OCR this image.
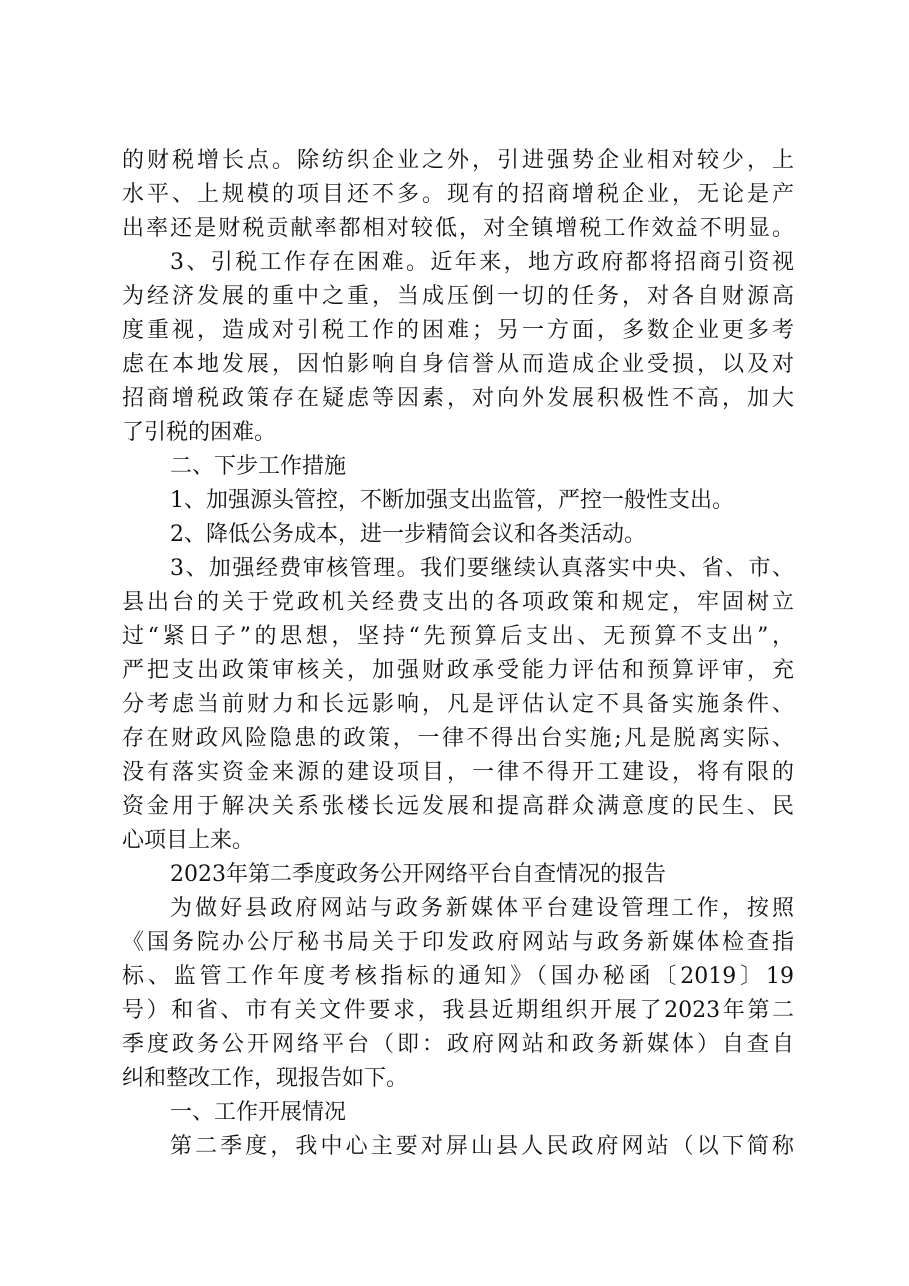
的财税增长点。除纺织企业之外，引进强势企业相对较少，上
水平、上规模的项目还不多。现有的招商增税企业，无论是产
出率还是财税贡献率都相对较低，对全镇增税工作效益不明显。
3、引税工作存在困难。近年来，地方政府都将招商引资视
为经济发展的重中之重，当成压倒一切的任务，对各自财源高
度重视，造成对引税工作的困难；另一方面，多数企业更多考
虑在本地发展，因怕影响自身信誉从而造成企业受损，以及对
招商增税政策存在疑虑等因素，对向外发展积极性不高，加大
了引税的困难。
二、下步工作措施
1、加强源头管控，不断加强支出监管，严控一般性支出。
2、降低公务成本，进一步精简会议和各类活动。
3、加强经费审核管理。我们要继续认真落实中央、省、市、
县出台的关于党政机关经费支出的各项政策和规定，牢固树立
过“紧日子”的思想，坚持“先预算后支出、无预算不支出”，
严把支出政策审核关，加强财政承受能力评估和预算评审，充
分考虑当前财力和长远影响，凡是评估认定不具备实施条件、
存在财政风险隐患的政策，一律不得出台实施;凡是脱离实际、
没有落实资金来源的建设项目，一律不得开工建设，将有限的
资金用于解决关系张楼长远发展和提高群众满意度的民生、民
心项目上来。
2023年第二季度政务公开网络平台自查情况的报告
为做好县政府网站与政务新媒体平台建设管理工作，按照
《国务院办公厅秘书局关于印发政府网站与政务新媒体检查指
标、监管工作年度考核指标的通知》（国办秘函〔2019〕19
号）和省、市有关文件要求，我县近期组织开展了2023年第二
季度政务公开网络平台（即：政府网站和政务新媒体）自查自
纠和整改工作，现报告如下。
一、工作开展情况
第二季度，我中心主要对屏山县人民政府网站（以下简称
